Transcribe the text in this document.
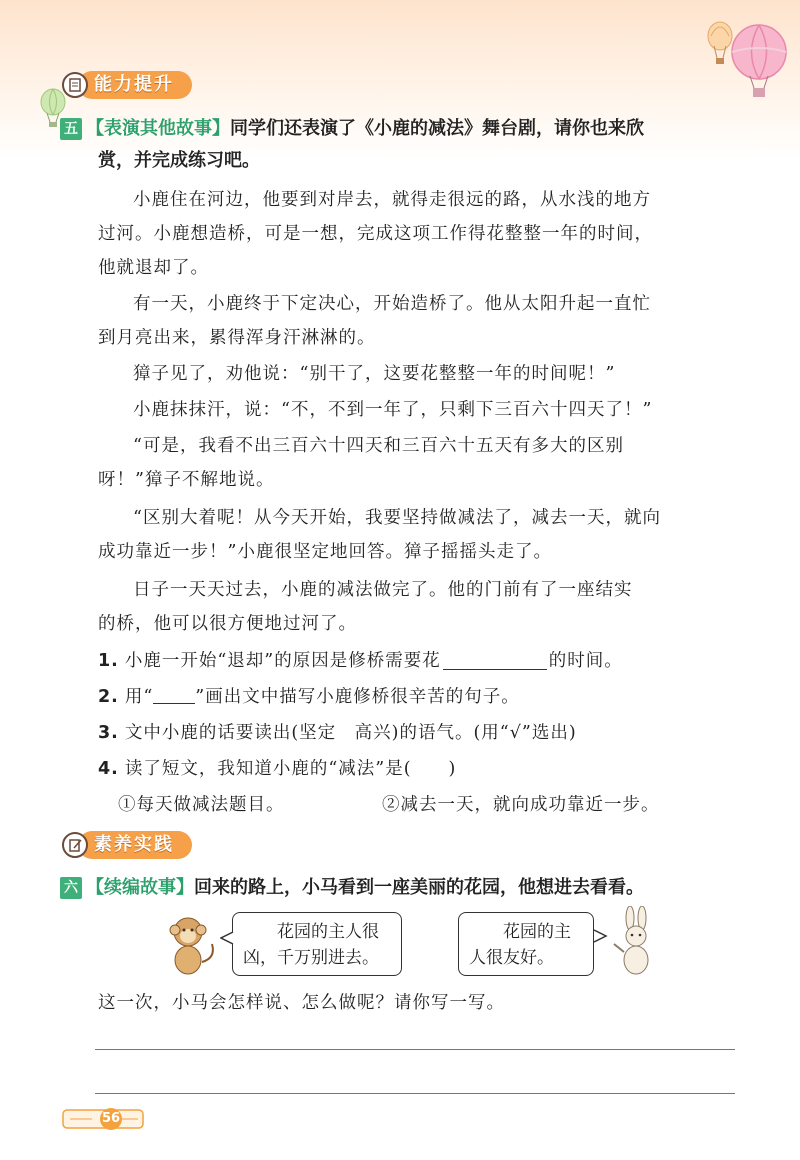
能力提升
五 【表演其他故事】同学们还表演了《小鹿的减法》舞台剧，请你也来欣
赏，并完成练习吧。
小鹿住在河边，他要到对岸去，就得走很远的路，从水浅的地方
过河。小鹿想造桥，可是一想，完成这项工作得花整整一年的时间，
他就退却了。
有一天，小鹿终于下定决心，开始造桥了。他从太阳升起一直忙
到月亮出来，累得浑身汗淋淋的。
獐子见了，劝他说：“别干了，这要花整整一年的时间呢！”
小鹿抹抹汗，说：“不，不到一年了，只剩下三百六十四天了！”
“可是，我看不出三百六十四天和三百六十五天有多大的区别
呀！”獐子不解地说。
“区别大着呢！从今天开始，我要坚持做减法了，减去一天，就向
成功靠近一步！”小鹿很坚定地回答。獐子摇摇头走了。
日子一天天过去，小鹿的减法做完了。他的门前有了一座结实
的桥，他可以很方便地过河了。
1. 小鹿一开始“退却”的原因是修桥需要花	的时间。
2. 用“ ”画出文中描写小鹿修桥很辛苦的句子。
3. 文中小鹿的话要读出(坚定　高兴)的语气。(用“√”选出)
4. 读了短文，我知道小鹿的“减法”是(　　)
①每天做减法题目。	②减去一天，就向成功靠近一步。
素养实践
六 【续编故事】回来的路上，小马看到一座美丽的花园，他想进去看看。
花园的主人很
凶，千万别进去。
花园的主
人很友好。
这一次，小马会怎样说、怎么做呢？请你写一写。
56
